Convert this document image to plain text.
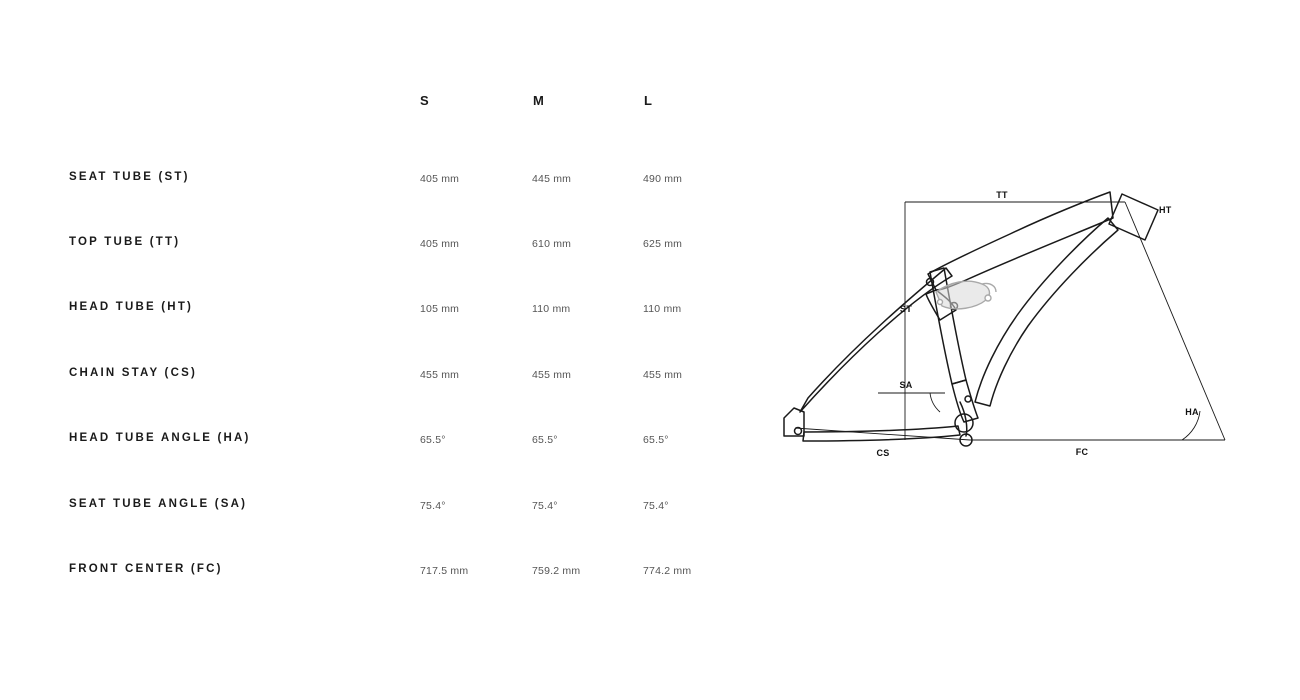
S	M	L
SEAT TUBE (ST)	405 mm	445 mm	490 mm
TOP TUBE (TT)	405 mm	610 mm	625 mm
HEAD TUBE (HT)	105 mm	110 mm	110 mm
CHAIN STAY (CS)	455 mm	455 mm	455 mm
HEAD TUBE ANGLE (HA)	65.5°	65.5°	65.5°
SEAT TUBE ANGLE (SA)	75.4°	75.4°	75.4°
FRONT CENTER (FC)	717.5 mm	759.2 mm	774.2 mm
TT
HT
ST
SA
HA
CS	FC
